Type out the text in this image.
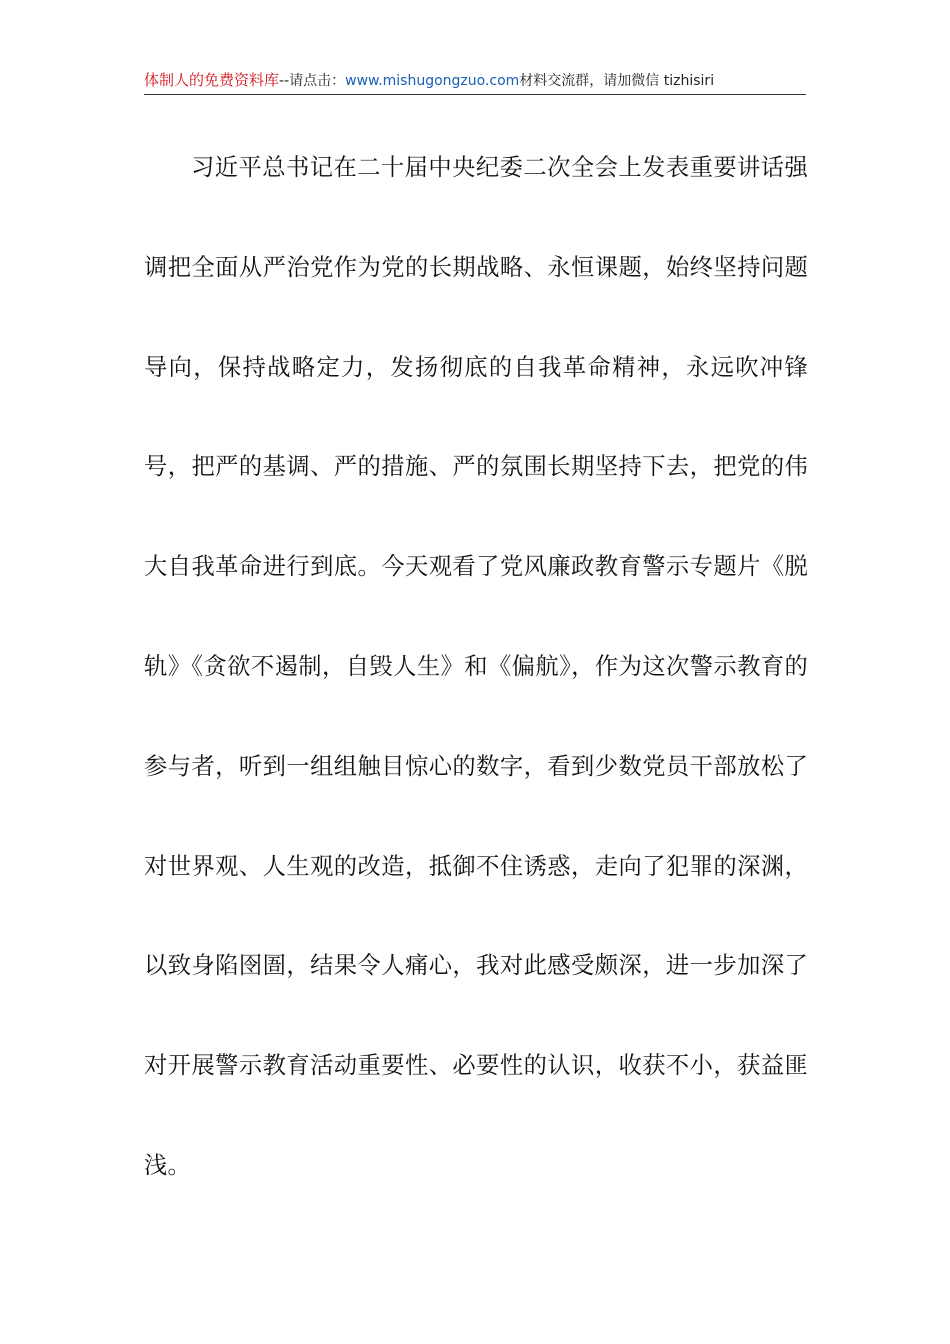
体制人的免费资料库--请点击：www.mishugongzuo.com材料交流群，请加微信 tizhisiri

习近平总书记在二十届中央纪委二次全会上发表重要讲话强调把全面从严治党作为党的长期战略、永恒课题，始终坚持问题导向，保持战略定力，发扬彻底的自我革命精神，永远吹冲锋号，把严的基调、严的措施、严的氛围长期坚持下去，把党的伟大自我革命进行到底。今天观看了党风廉政教育警示专题片《脱轨》《贪欲不遏制，自毁人生》和《偏航》，作为这次警示教育的参与者，听到一组组触目惊心的数字，看到少数党员干部放松了对世界观、人生观的改造，抵御不住诱惑，走向了犯罪的深渊，以致身陷囹圄，结果令人痛心，我对此感受颇深，进一步加深了对开展警示教育活动重要性、必要性的认识，收获不小，获益匪浅。
